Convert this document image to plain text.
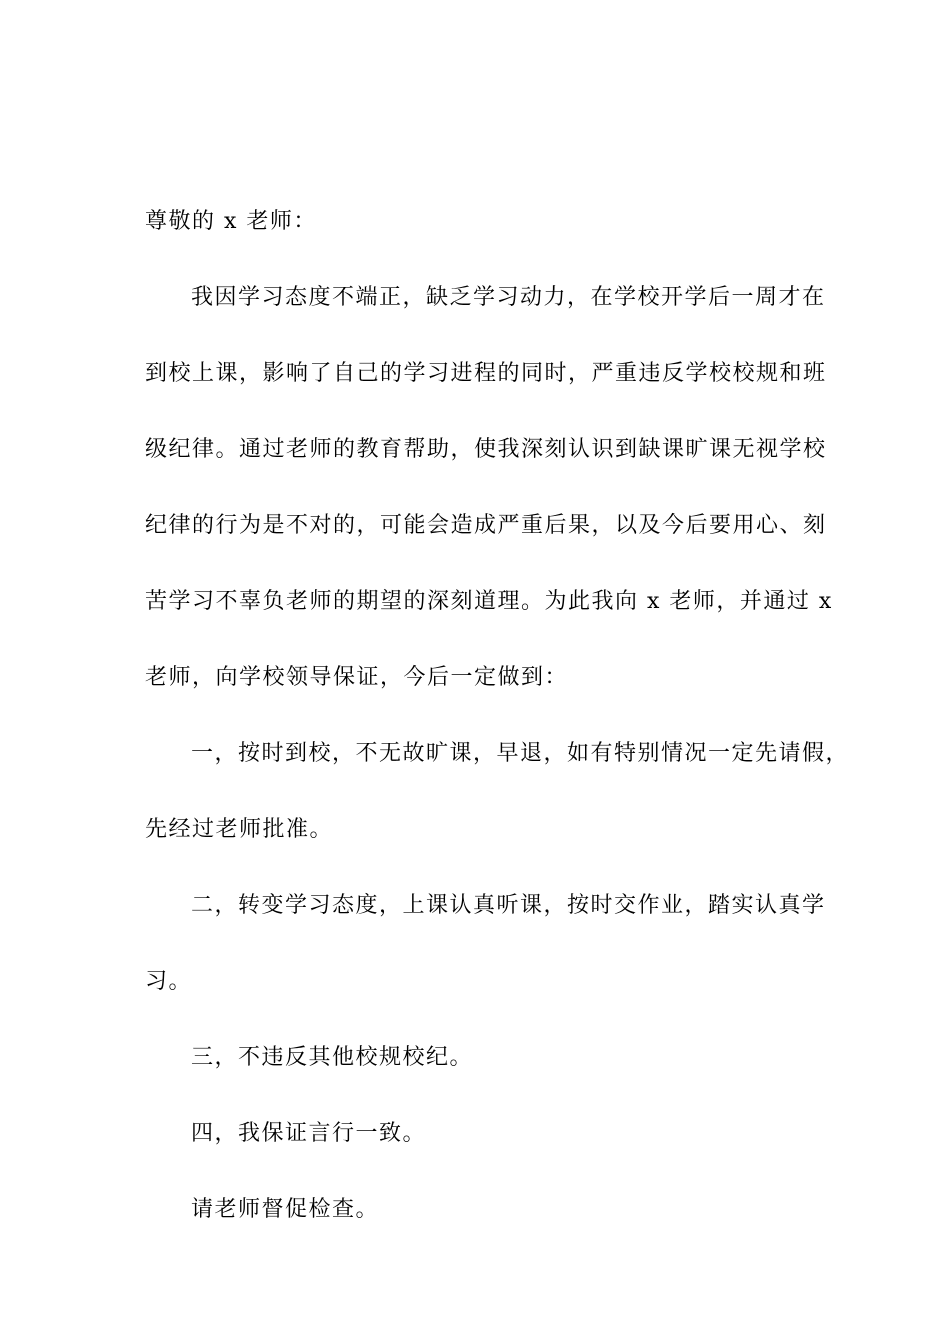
尊敬的 x 老师：

我因学习态度不端正，缺乏学习动力，在学校开学后一周才在
到校上课，影响了自己的学习进程的同时，严重违反学校校规和班
级纪律。通过老师的教育帮助，使我深刻认识到缺课旷课无视学校
纪律的行为是不对的，可能会造成严重后果，以及今后要用心、刻
苦学习不辜负老师的期望的深刻道理。为此我向 x 老师，并通过 x
老师，向学校领导保证，今后一定做到：

一，按时到校，不无故旷课，早退，如有特别情况一定先请假，
先经过老师批准。

二，转变学习态度，上课认真听课，按时交作业，踏实认真学
习。

三，不违反其他校规校纪。

四，我保证言行一致。

请老师督促检查。
